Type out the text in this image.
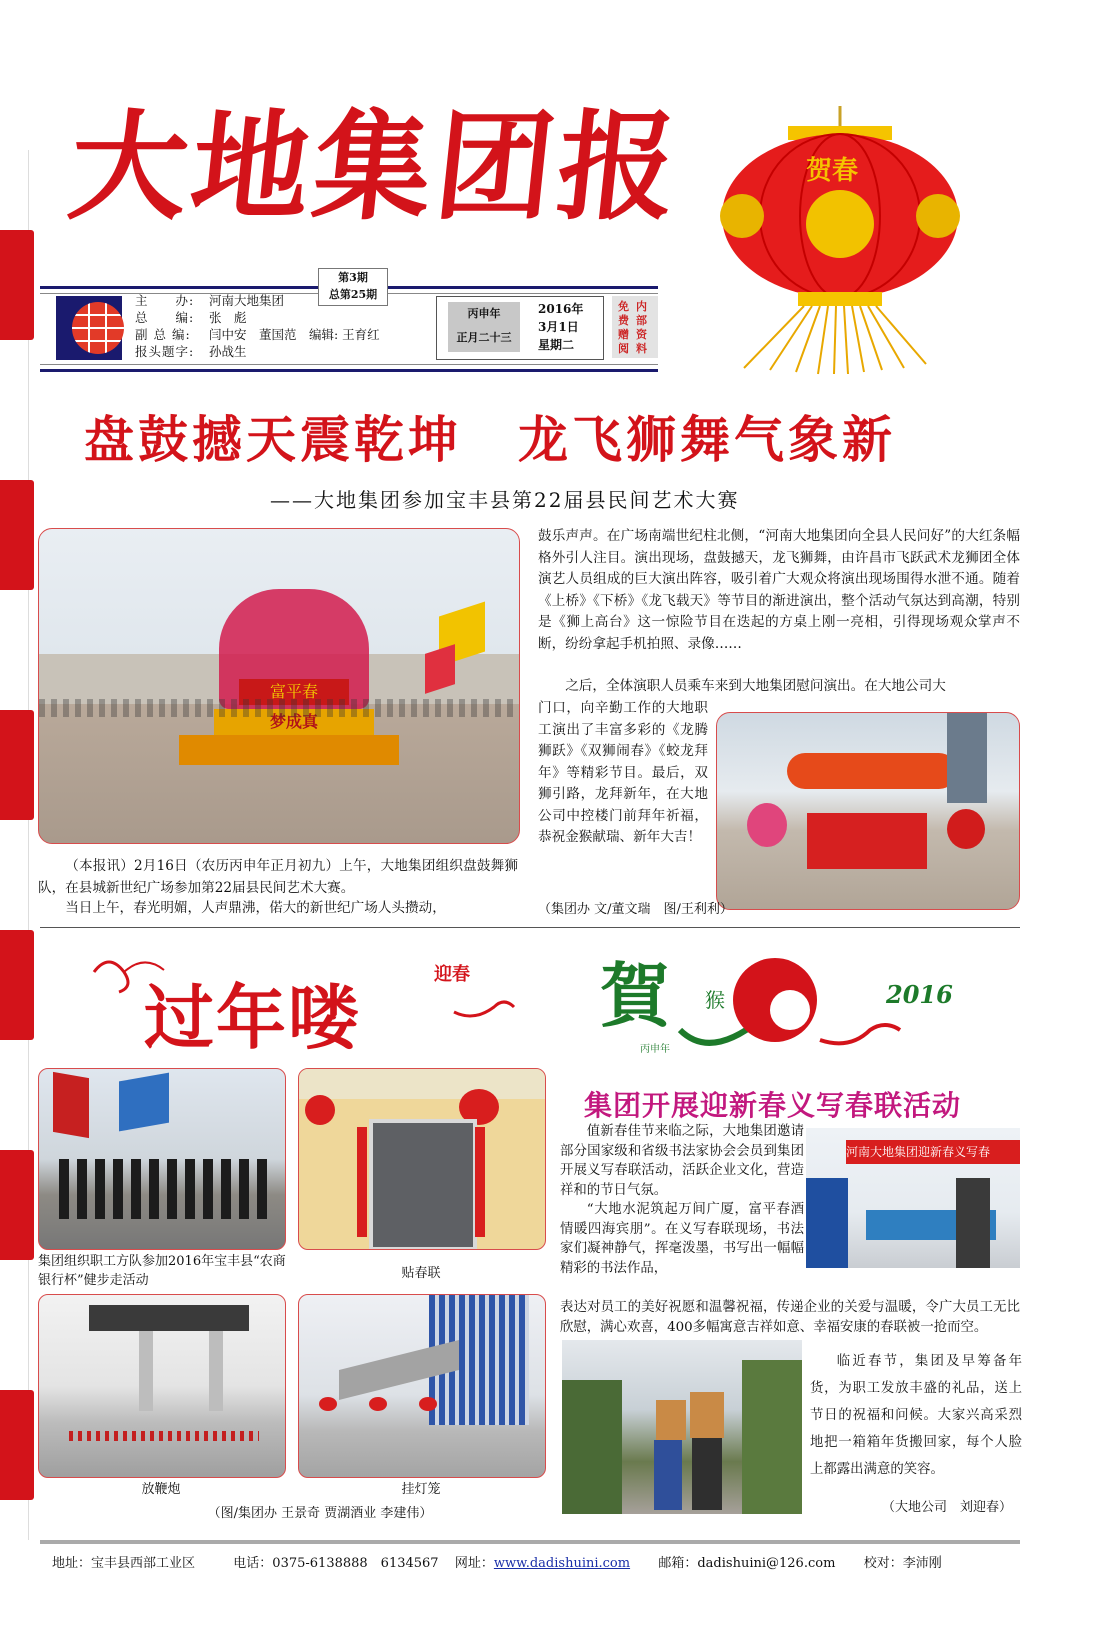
大地集团报
第3期
总第25期
主　　办: 河南大地集团
总　　编: 张　彪
副 总 编: 闫中安　董国范　编辑: 王育红
报头题字: 孙战生
丙申年
正月二十三
2016年
3月1日
星期二
免费赠阅
内部资料
贺春
盘鼓撼天震乾坤 龙飞狮舞气象新
——大地集团参加宝丰县第22届县民间艺术大赛
富平春
梦成真
（本报讯）2月16日（农历丙申年正月初九）上午，大地集团组织盘鼓舞狮队，在县城新世纪广场参加第22届县民间艺术大赛。
当日上午，春光明媚，人声鼎沸，偌大的新世纪广场人头攒动，
鼓乐声声。在广场南端世纪柱北侧，“河南大地集团向全县人民问好”的大红条幅格外引人注目。演出现场，盘鼓撼天，龙飞狮舞，由许昌市飞跃武术龙狮团全体演艺人员组成的巨大演出阵容，吸引着广大观众将演出现场围得水泄不通。随着《上桥》《下桥》《龙飞载天》等节目的渐进演出，整个活动气氛达到高潮，特别是《狮上高台》这一惊险节目在迭起的方桌上刚一亮相，引得现场观众掌声不断，纷纷拿起手机拍照、录像……
之后，全体演职人员乘车来到大地集团慰问演出。在大地公司大
门口，向辛勤工作的大地职工演出了丰富多彩的《龙腾狮跃》《双狮闹春》《蛟龙拜年》等精彩节目。最后，双狮引路，龙拜新年，在大地公司中控楼门前拜年祈福，恭祝金猴献瑞、新年大吉！
（集团办 文/董文瑞　图/王利利）
过年喽
迎春 賀
丙申年
猴	2016
集团组织职工方队参加2016年宝丰县“农商银行杯”健步走活动	贴春联
放鞭炮	挂灯笼
（图/集团办 王景奇 贾湖酒业 李建伟）
集团开展迎新春义写春联活动
值新春佳节来临之际，大地集团邀请部分国家级和省级书法家协会会员到集团开展义写春联活动，活跃企业文化，营造祥和的节日气氛。
“大地水泥筑起万间广厦，富平春酒情暖四海宾朋”。在义写春联现场，书法家们凝神静气，挥毫泼墨，书写出一幅幅精彩的书法作品，
表达对员工的美好祝愿和温馨祝福，传递企业的关爱与温暖，令广大员工无比欣慰，满心欢喜，400多幅寓意吉祥如意、幸福安康的春联被一抢而空。
河南大地集团迎新春义写春
临近春节，集团及早筹备年货，为职工发放丰盛的礼品，送上节日的祝福和问候。大家兴高采烈地把一箱箱年货搬回家，每个人脸上都露出满意的笑容。
（大地公司　刘迎春）
地址：宝丰县西部工业区	电话：0375-6138888　6134567 网址：www.dadishuini.com 邮箱：dadishuini@126.com 校对：李沛刚
